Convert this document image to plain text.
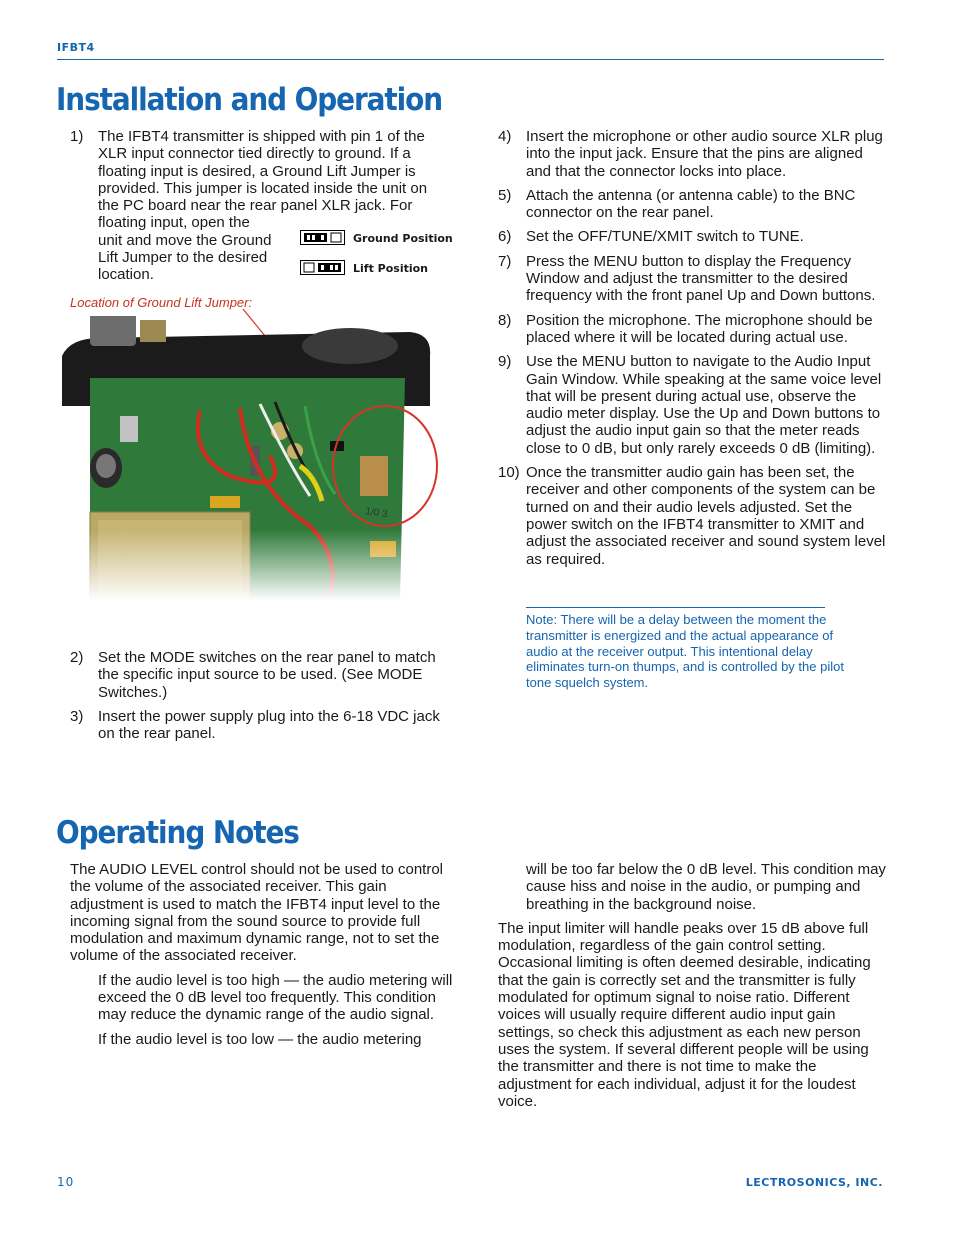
IFBT4
Installation and Operation
1) The IFBT4 transmitter is shipped with pin 1 of the
XLR input connector tied directly to ground. If a
floating input is desired, a Ground Lift Jumper is
provided. This jumper is located inside the unit on
the PC board near the rear panel XLR jack. For
floating input, open the
unit and move the Ground
Lift Jumper to the desired
location.
Ground Position
Lift Position
Location of Ground Lift Jumper:
2) Set the MODE switches on the rear panel to match the specific input source to be used. (See MODE Switches.)
3) Insert the power supply plug into the 6-18 VDC jack on the rear panel.
4) Insert the microphone or other audio source XLR plug into the input jack. Ensure that the pins are aligned and that the connector locks into place.
5) Attach the antenna (or antenna cable) to the BNC connector on the rear panel.
6) Set the OFF/TUNE/XMIT switch to TUNE.
7) Press the MENU button to display the Frequency Window and adjust the transmitter to the desired frequency with the front panel Up and Down buttons.
8) Position the microphone. The microphone should be placed where it will be located during actual use.
9) Use the MENU button to navigate to the Audio Input Gain Window. While speaking at the same voice level that will be present during actual use, observe the audio meter display. Use the Up and Down buttons to adjust the audio input gain so that the meter reads close to 0 dB, but only rarely exceeds 0 dB (limiting).
10) Once the transmitter audio gain has been set, the receiver and other components of the system can be turned on and their audio levels adjusted. Set the power switch on the IFBT4 transmitter to XMIT and adjust the associated receiver and sound system level as required.
Note: There will be a delay between the moment the transmitter is energized and the actual appearance of audio at the receiver output. This intentional delay eliminates turn-on thumps, and is controlled by the pilot tone squelch system.
Operating Notes

The AUDIO LEVEL control should not be used to control the volume of the associated receiver. This gain adjustment is used to match the IFBT4 input level to the incoming signal from the sound source to provide full modulation and maximum dynamic range, not to set the volume of the associated receiver.

If the audio level is too high — the audio metering will exceed the 0 dB level too frequently. This condition may reduce the dynamic range of the audio signal.

If the audio level is too low — the audio metering

will be too far below the 0 dB level. This condition may cause hiss and noise in the audio, or pumping and breathing in the background noise.

The input limiter will handle peaks over 15 dB above full modulation, regardless of the gain control setting. Occasional limiting is often deemed desirable, indicating that the gain is correctly set and the transmitter is fully modulated for optimum signal to noise ratio. Different voices will usually require different audio input gain settings, so check this adjustment as each new person uses the system. If several different people will be using the transmitter and there is not time to make the adjustment for each individual, adjust it for the loudest voice.

10	LECTROSONICS, INC.
